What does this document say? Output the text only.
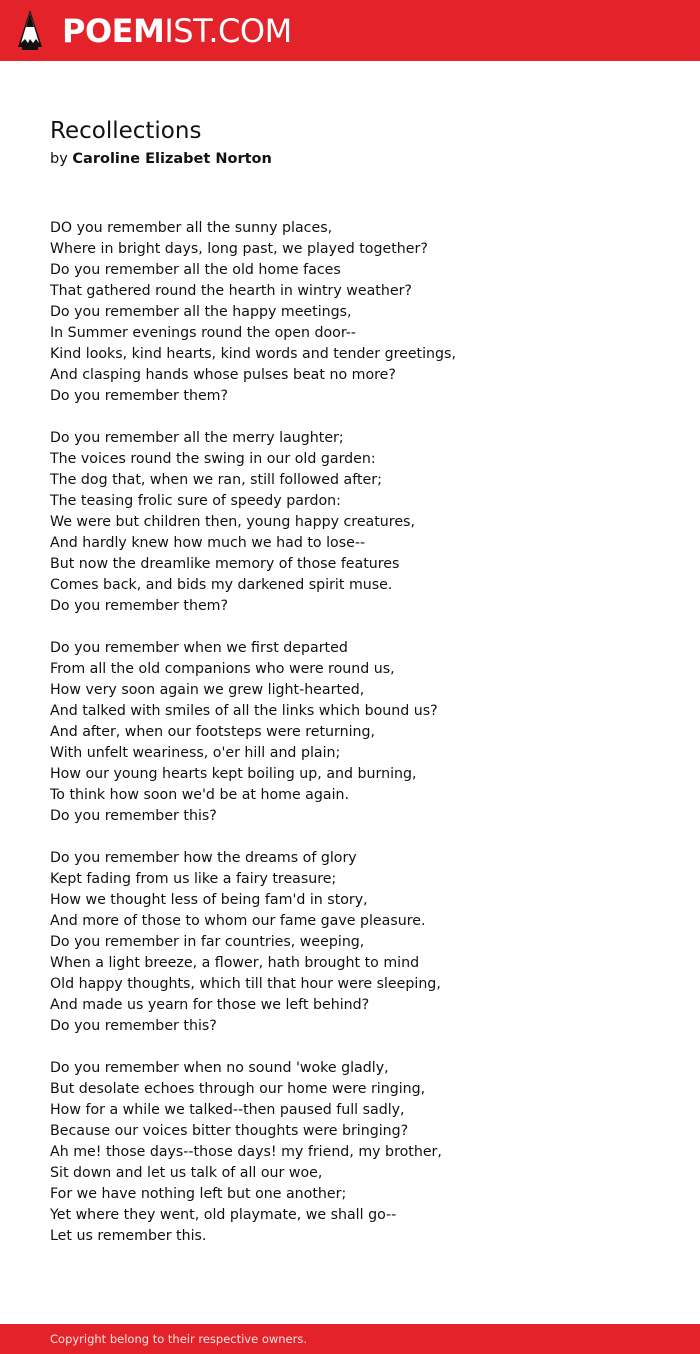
POEMIST.COM
Recollections
by Caroline Elizabet Norton
DO you remember all the sunny places,
Where in bright days, long past, we played together?
Do you remember all the old home faces
That gathered round the hearth in wintry weather?
Do you remember all the happy meetings,
In Summer evenings round the open door--
Kind looks, kind hearts, kind words and tender greetings,
And clasping hands whose pulses beat no more?
Do you remember them?
Do you remember all the merry laughter;
The voices round the swing in our old garden:
The dog that, when we ran, still followed after;
The teasing frolic sure of speedy pardon:
We were but children then, young happy creatures,
And hardly knew how much we had to lose--
But now the dreamlike memory of those features
Comes back, and bids my darkened spirit muse.
Do you remember them?
Do you remember when we first departed
From all the old companions who were round us,
How very soon again we grew light-hearted,
And talked with smiles of all the links which bound us?
And after, when our footsteps were returning,
With unfelt weariness, o'er hill and plain;
How our young hearts kept boiling up, and burning,
To think how soon we'd be at home again.
Do you remember this?
Do you remember how the dreams of glory
Kept fading from us like a fairy treasure;
How we thought less of being fam'd in story,
And more of those to whom our fame gave pleasure.
Do you remember in far countries, weeping,
When a light breeze, a flower, hath brought to mind
Old happy thoughts, which till that hour were sleeping,
And made us yearn for those we left behind?
Do you remember this?
Do you remember when no sound 'woke gladly,
But desolate echoes through our home were ringing,
How for a while we talked--then paused full sadly,
Because our voices bitter thoughts were bringing?
Ah me! those days--those days! my friend, my brother,
Sit down and let us talk of all our woe,
For we have nothing left but one another;
Yet where they went, old playmate, we shall go--
Let us remember this.
Copyright belong to their respective owners.
